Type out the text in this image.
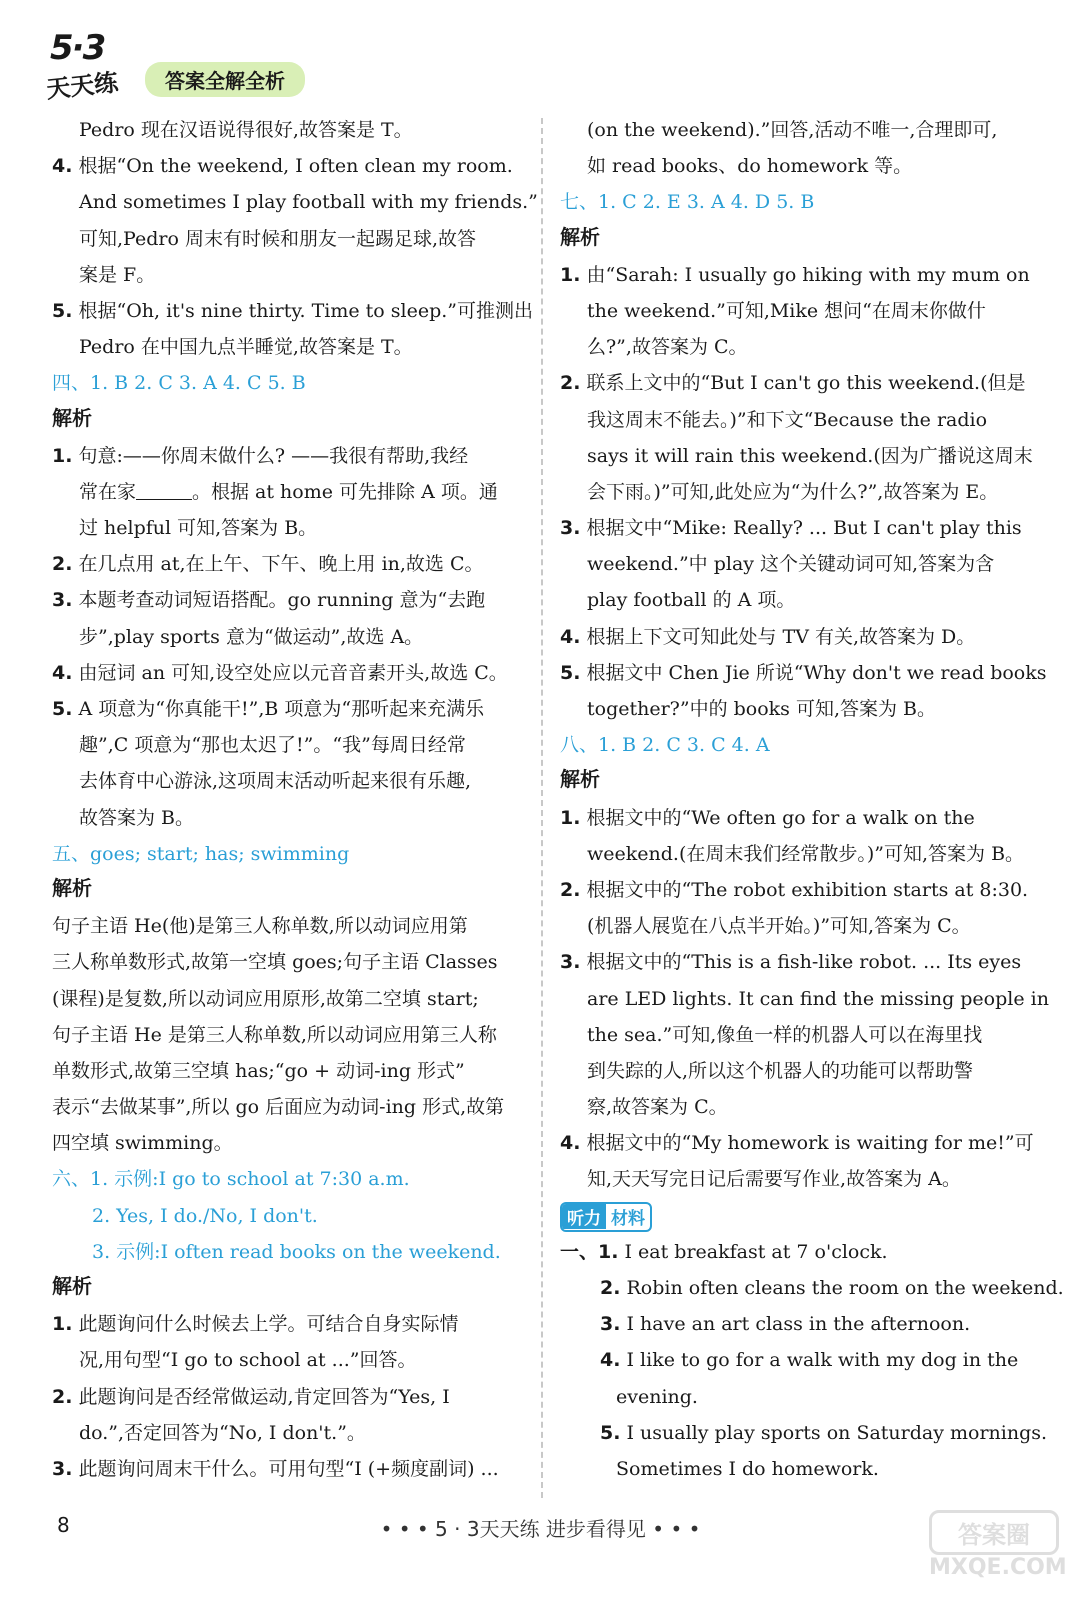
5·3
天天练	答案全解全析
Pedro 现在汉语说得很好,故答案是 T。
4. 根据“On the weekend, I often clean my room.
And sometimes I play football with my friends.”
可知,Pedro 周末有时候和朋友一起踢足球,故答
案是 F。
5. 根据“Oh, it's nine thirty. Time to sleep.”可推测出
Pedro 在中国九点半睡觉,故答案是 T。
四、1. B 2. C 3. A 4. C 5. B
解析
1. 句意:——你周末做什么? ——我很有帮助,我经
常在家	。根据 at home 可先排除 A 项。通
过 helpful 可知,答案为 B。
2. 在几点用 at,在上午、下午、晚上用 in,故选 C。
3. 本题考查动词短语搭配。go running 意为“去跑
步”,play sports 意为“做运动”,故选 A。
4. 由冠词 an 可知,设空处应以元音音素开头,故选 C。
5. A 项意为“你真能干!”,B 项意为“那听起来充满乐
趣”,C 项意为“那也太迟了!”。“我”每周日经常
去体育中心游泳,这项周末活动听起来很有乐趣,
故答案为 B。
五、goes; start; has; swimming
解析
句子主语 He(他)是第三人称单数,所以动词应用第
三人称单数形式,故第一空填 goes;句子主语 Classes
(课程)是复数,所以动词应用原形,故第二空填 start;
句子主语 He 是第三人称单数,所以动词应用第三人称
单数形式,故第三空填 has;“go + 动词-ing 形式”
表示“去做某事”,所以 go 后面应为动词-ing 形式,故第
四空填 swimming。
六、1. 示例:I go to school at 7:30 a.m.
2. Yes, I do./No, I don't.
3. 示例:I often read books on the weekend.
解析
1. 此题询问什么时候去上学。可结合自身实际情
况,用句型“I go to school at ...”回答。
2. 此题询问是否经常做运动,肯定回答为“Yes, I
do.”,否定回答为“No, I don't.”。
3. 此题询问周末干什么。可用句型“I (+频度副词) ...
(on the weekend).”回答,活动不唯一,合理即可,
如 read books、do homework 等。
七、1. C 2. E 3. A 4. D 5. B
解析
1. 由“Sarah: I usually go hiking with my mum on
the weekend.”可知,Mike 想问“在周末你做什
么?”,故答案为 C。
2. 联系上文中的“But I can't go this weekend.(但是
我这周末不能去。)”和下文“Because the radio
says it will rain this weekend.(因为广播说这周末
会下雨。)”可知,此处应为“为什么?”,故答案为 E。
3. 根据文中“Mike: Really? ... But I can't play this
weekend.”中 play 这个关键动词可知,答案为含
play football 的 A 项。
4. 根据上下文可知此处与 TV 有关,故答案为 D。
5. 根据文中 Chen Jie 所说“Why don't we read books
together?”中的 books 可知,答案为 B。
八、1. B 2. C 3. C 4. A
解析
1. 根据文中的“We often go for a walk on the
weekend.(在周末我们经常散步。)”可知,答案为 B。
2. 根据文中的“The robot exhibition starts at 8:30.
(机器人展览在八点半开始。)”可知,答案为 C。
3. 根据文中的“This is a fish-like robot. ... Its eyes
are LED lights. It can find the missing people in
the sea.”可知,像鱼一样的机器人可以在海里找
到失踪的人,所以这个机器人的功能可以帮助警
察,故答案为 C。
4. 根据文中的“My homework is waiting for me!”可
知,天天写完日记后需要写作业,故答案为 A。
听力 材料
一、1. I eat breakfast at 7 o'clock.
2. Robin often cleans the room on the weekend.
3. I have an art class in the afternoon.
4. I like to go for a walk with my dog in the
evening.
5. I usually play sports on Saturday mornings.
Sometimes I do homework.
8	• • • 5 · 3天天练 进步看得见 • • •	答案圈
MXQE.COM
